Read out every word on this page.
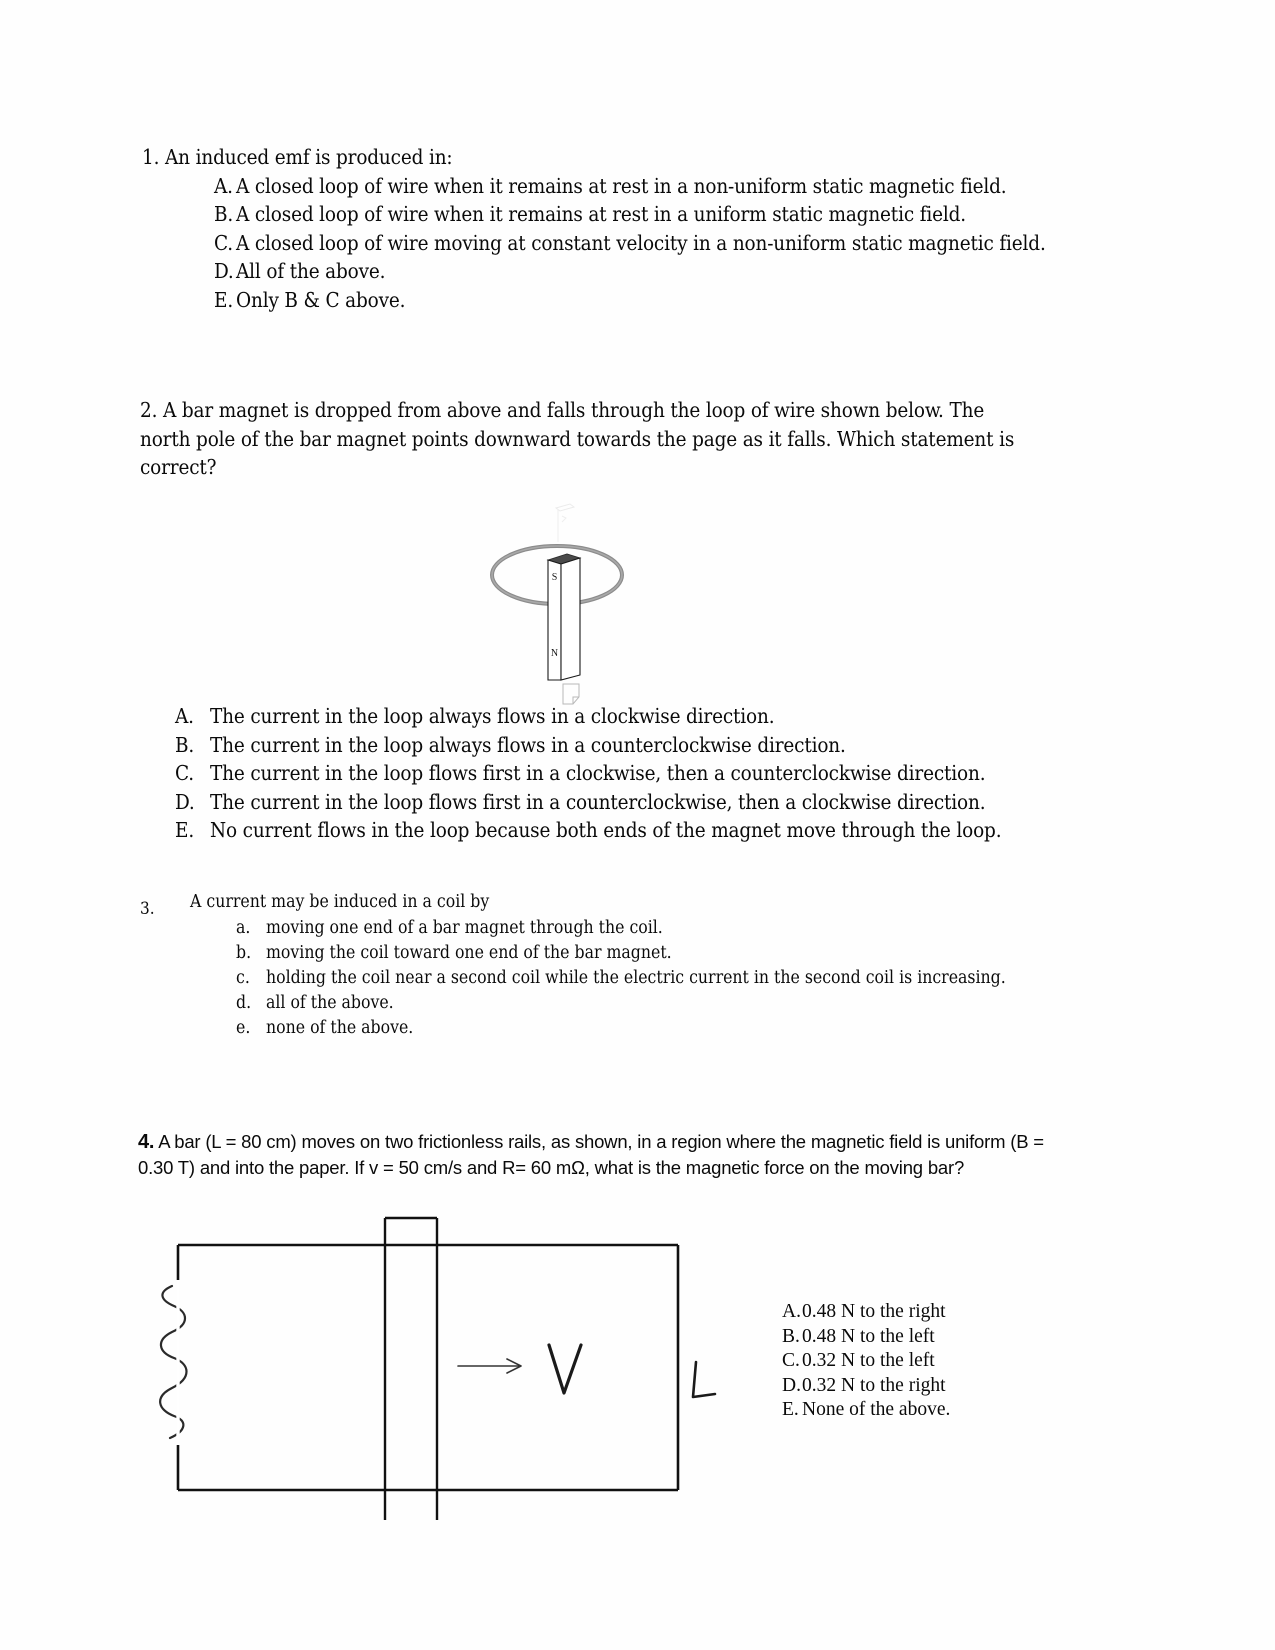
1. An induced emf is produced in:

A. A closed loop of wire when it remains at rest in a non-uniform static magnetic field.
B. A closed loop of wire when it remains at rest in a uniform static magnetic field.
C. A closed loop of wire moving at constant velocity in a non-uniform static magnetic field.
D. All of the above.
E. Only B & C above.

2. A bar magnet is dropped from above and falls through the loop of wire shown below. The north pole of the bar magnet points downward towards the page as it falls. Which statement is correct?

S
N
A. The current in the loop always flows in a clockwise direction.
B. The current in the loop always flows in a counterclockwise direction.
C. The current in the loop flows first in a clockwise, then a counterclockwise direction.
D. The current in the loop flows first in a counterclockwise, then a clockwise direction.
E. No current flows in the loop because both ends of the magnet move through the loop.
3.	A current may be induced in a coil by

a. moving one end of a bar magnet through the coil.
b. moving the coil toward one end of the bar magnet.
c. holding the coil near a second coil while the electric current in the second coil is increasing.
d. all of the above.
e. none of the above.

4. A bar (L = 80 cm) moves on two frictionless rails, as shown, in a region where the magnetic field is uniform (B = 0.30 T) and into the paper. If v = 50 cm/s and R= 60 mΩ, what is the magnetic force on the moving bar?

A. 0.48 N to the right
B. 0.48 N to the left
C. 0.32 N to the left
D. 0.32 N to the right
E. None of the above.
